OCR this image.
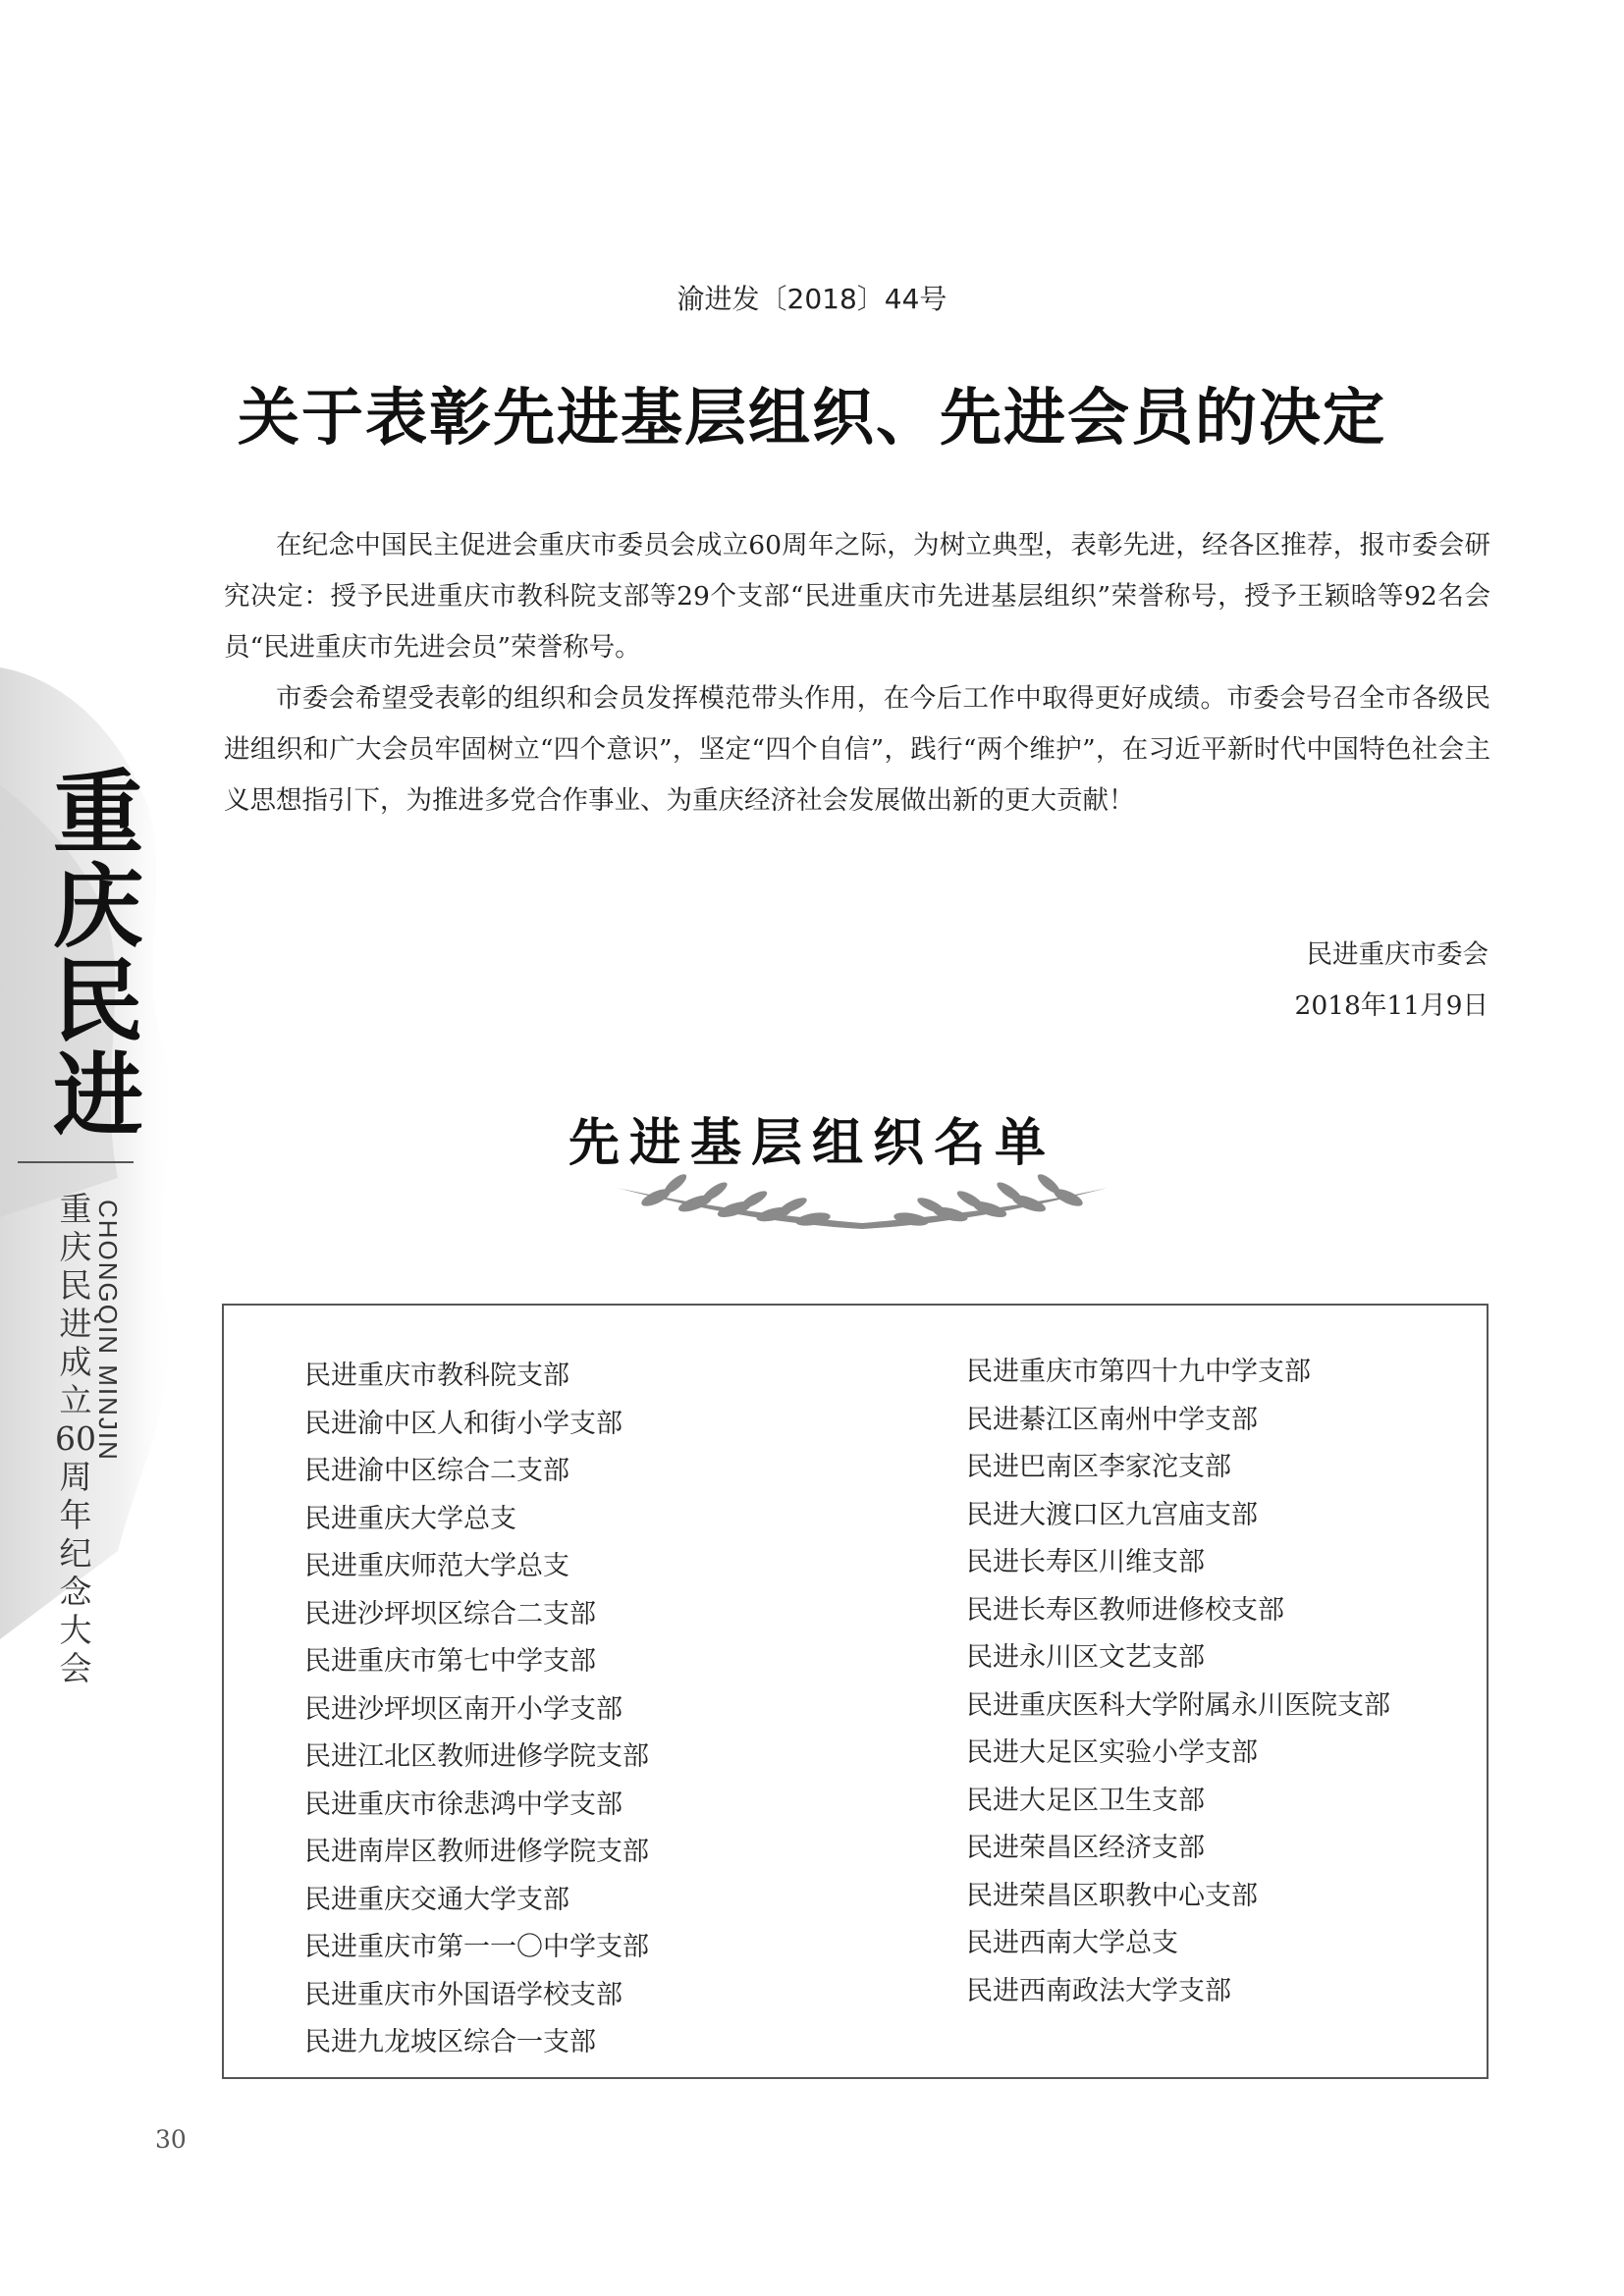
重
庆
民
进
重
庆
民
进
成
立
60
周
年
纪
念
大
会
CHONGQIN MINJIN
渝进发〔2018〕44号
关于表彰先进基层组织、先进会员的决定

在纪念中国民主促进会重庆市委员会成立60周年之际，为树立典型，表彰先进，经各区推荐，报市委会研究决定：授予民进重庆市教科院支部等29个支部“民进重庆市先进基层组织”荣誉称号，授予王颖晗等92名会员“民进重庆市先进会员”荣誉称号。

市委会希望受表彰的组织和会员发挥模范带头作用，在今后工作中取得更好成绩。市委会号召全市各级民进组织和广大会员牢固树立“四个意识”，坚定“四个自信”，践行“两个维护”，在习近平新时代中国特色社会主义思想指引下，为推进多党合作事业、为重庆经济社会发展做出新的更大贡献！

民进重庆市委会
2018年11月9日
先进基层组织名单
民进重庆市教科院支部
民进渝中区人和街小学支部
民进渝中区综合二支部
民进重庆大学总支
民进重庆师范大学总支
民进沙坪坝区综合二支部
民进重庆市第七中学支部
民进沙坪坝区南开小学支部
民进江北区教师进修学院支部
民进重庆市徐悲鸿中学支部
民进南岸区教师进修学院支部
民进重庆交通大学支部
民进重庆市第一一〇中学支部
民进重庆市外国语学校支部
民进九龙坡区综合一支部
民进重庆市第四十九中学支部
民进綦江区南州中学支部
民进巴南区李家沱支部
民进大渡口区九宫庙支部
民进长寿区川维支部
民进长寿区教师进修校支部
民进永川区文艺支部
民进重庆医科大学附属永川医院支部
民进大足区实验小学支部
民进大足区卫生支部
民进荣昌区经济支部
民进荣昌区职教中心支部
民进西南大学总支
民进西南政法大学支部
30
